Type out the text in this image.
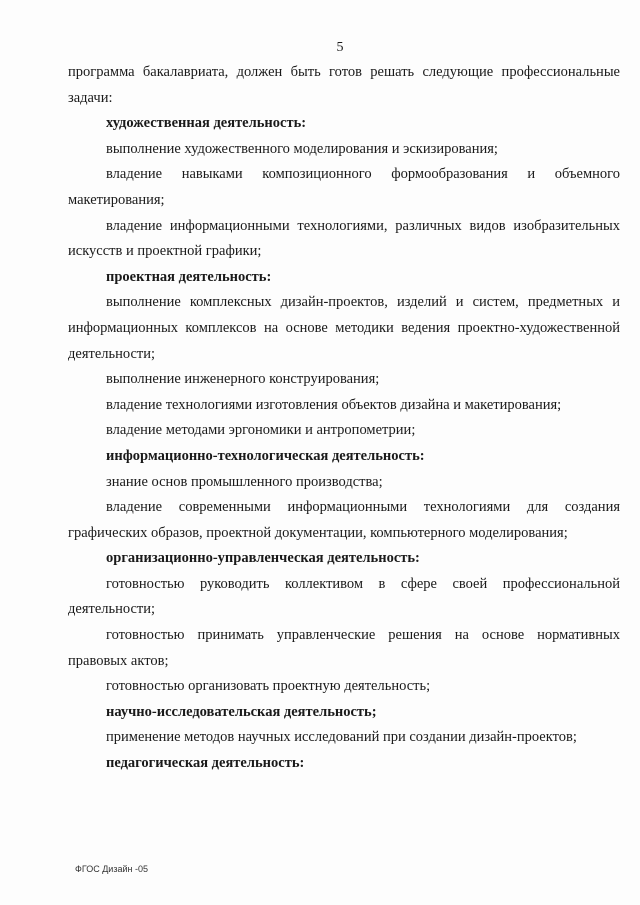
5

программа бакалавриата, должен быть готов решать следующие профессиональные задачи:

художественная деятельность:

выполнение художественного моделирования и эскизирования;

владение навыками композиционного формообразования и объемного макетирования;

владение информационными технологиями, различных видов изобразительных искусств и проектной графики;

проектная деятельность:

выполнение комплексных дизайн-проектов, изделий и систем, предметных и информационных комплексов на основе методики ведения проектно-художественной деятельности;

выполнение инженерного конструирования;

владение технологиями изготовления объектов дизайна и макетирования;

владение методами эргономики и антропометрии;

информационно-технологическая деятельность:

знание основ промышленного производства;

владение современными информационными технологиями для создания графических образов, проектной документации, компьютерного моделирования;

организационно-управленческая деятельность:

готовностью руководить коллективом в сфере своей профессиональной деятельности;

готовностью принимать управленческие решения на основе нормативных правовых актов;

готовностью организовать проектную деятельность;

научно-исследовательская деятельность;

применение методов научных исследований при создании дизайн-проектов;

педагогическая деятельность:

ФГОС Дизайн -05
